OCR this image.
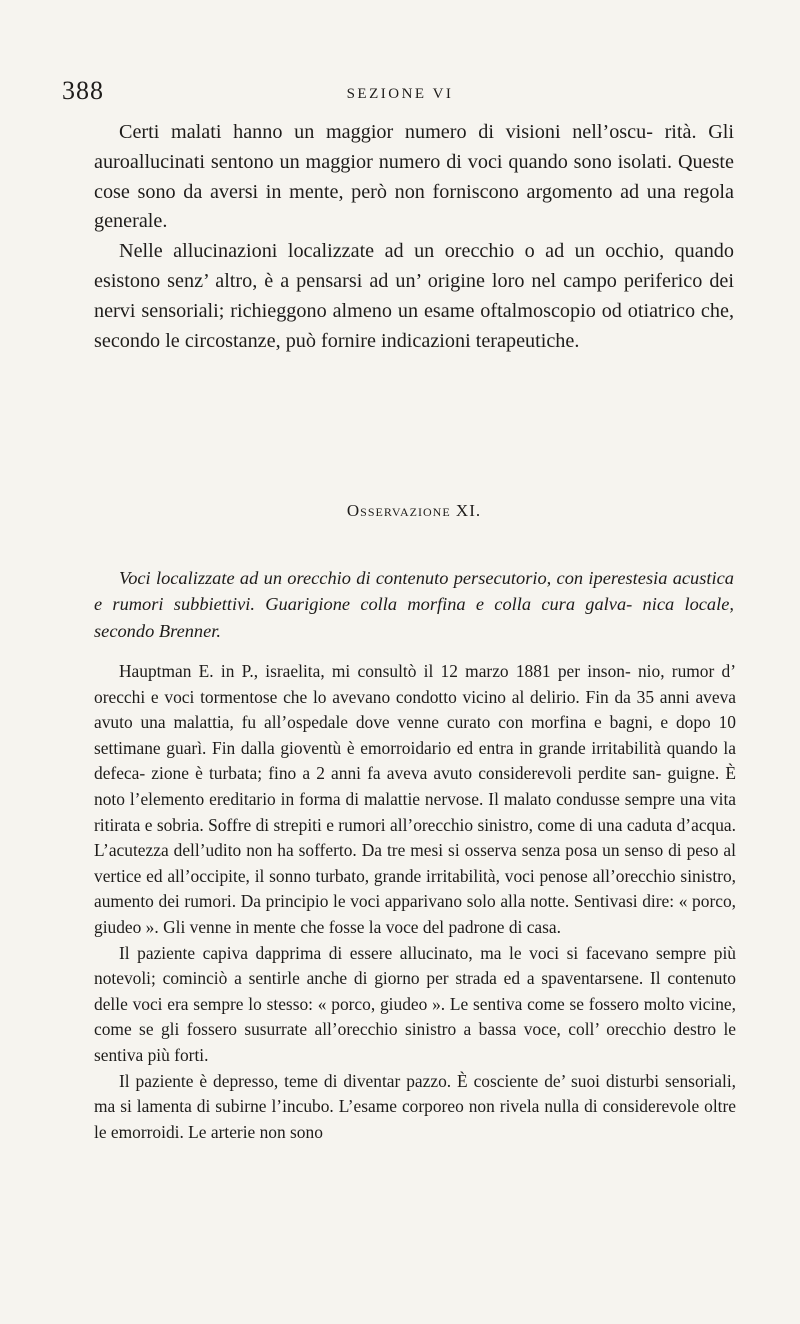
388	SEZIONE VI

Certi malati hanno un maggior numero di visioni nell’oscu- rità. Gli auroallucinati sentono un maggior numero di voci quando sono isolati. Queste cose sono da aversi in mente, però non forniscono argomento ad una regola generale.

Nelle allucinazioni localizzate ad un orecchio o ad un occhio, quando esistono senz’ altro, è a pensarsi ad un’ origine loro nel campo periferico dei nervi sensoriali; richieggono almeno un esame oftalmoscopio od otiatrico che, secondo le circostanze, può fornire indicazioni terapeutiche.

Osservazione XI.

Voci localizzate ad un orecchio di contenuto persecutorio, con iperestesia acustica e rumori subbiettivi. Guarigione colla morfina e colla cura galva- nica locale, secondo Brenner.

Hauptman E. in P., israelita, mi consultò il 12 marzo 1881 per inson- nio, rumor d’ orecchi e voci tormentose che lo avevano condotto vicino al delirio. Fin da 35 anni aveva avuto una malattia, fu all’ospedale dove venne curato con morfina e bagni, e dopo 10 settimane guarì. Fin dalla gioventù è emorroidario ed entra in grande irritabilità quando la defeca- zione è turbata; fino a 2 anni fa aveva avuto considerevoli perdite san- guigne. È noto l’elemento ereditario in forma di malattie nervose. Il malato condusse sempre una vita ritirata e sobria. Soffre di strepiti e rumori all’orecchio sinistro, come di una caduta d’acqua. L’acutezza dell’udito non ha sofferto. Da tre mesi si osserva senza posa un senso di peso al vertice ed all’occipite, il sonno turbato, grande irritabilità, voci penose all’orecchio sinistro, aumento dei rumori. Da principio le voci apparivano solo alla notte. Sentivasi dire: « porco, giudeo ». Gli venne in mente che fosse la voce del padrone di casa.

Il paziente capiva dapprima di essere allucinato, ma le voci si facevano sempre più notevoli; cominciò a sentirle anche di giorno per strada ed a spaventarsene. Il contenuto delle voci era sempre lo stesso: « porco, giudeo ». Le sentiva come se fossero molto vicine, come se gli fossero susurrate all’orecchio sinistro a bassa voce, coll’ orecchio destro le sentiva più forti.

Il paziente è depresso, teme di diventar pazzo. È cosciente de’ suoi disturbi sensoriali, ma si lamenta di subirne l’incubo. L’esame corporeo non rivela nulla di considerevole oltre le emorroidi. Le arterie non sono
